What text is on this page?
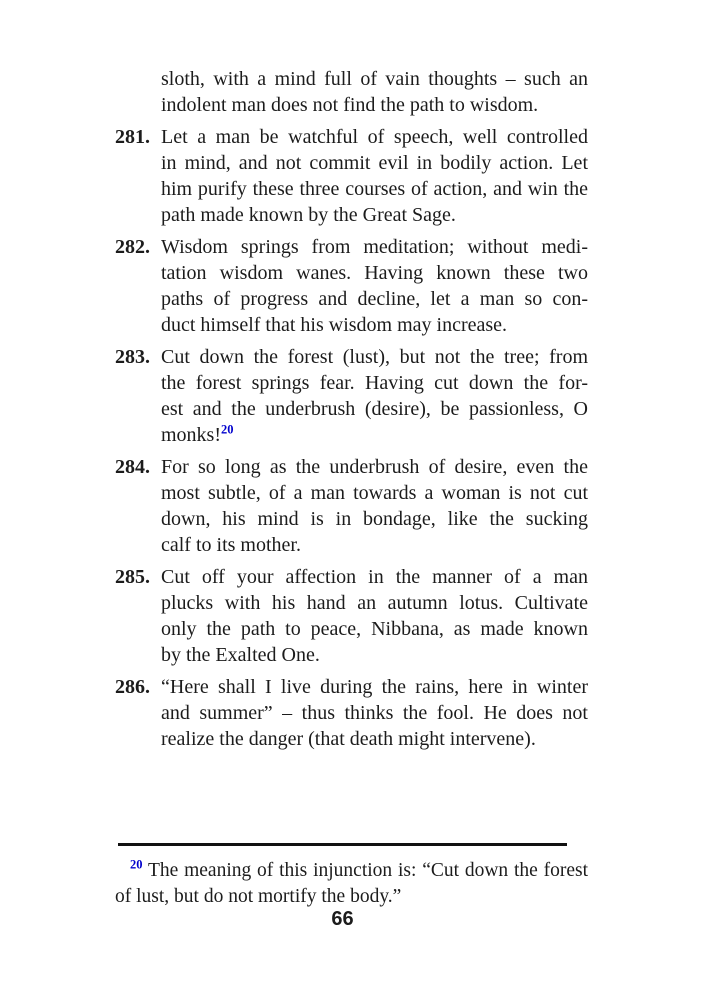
sloth, with a mind full of vain thoughts – such an
indolent man does not find the path to wisdom.
281. Let a man be watchful of speech, well controlled
in mind, and not commit evil in bodily action. Let
him purify these three courses of action, and win the
path made known by the Great Sage.
282. Wisdom springs from meditation; without medi-
tation wisdom wanes. Having known these two
paths of progress and decline, let a man so con-
duct himself that his wisdom may increase.
283. Cut down the forest (lust), but not the tree; from
the forest springs fear. Having cut down the for-
est and the underbrush (desire), be passionless, O
monks!$^{20}$
284. For so long as the underbrush of desire, even the
most subtle, of a man towards a woman is not cut
down, his mind is in bondage, like the sucking
calf to its mother.
285. Cut off your affection in the manner of a man
plucks with his hand an autumn lotus. Cultivate
only the path to peace, Nibbana, as made known
by the Exalted One.
286. “Here shall I live during the rains, here in winter
and summer” – thus thinks the fool. He does not
realize the danger (that death might intervene).
$^{20}$ The meaning of this injunction is: “Cut down the forest
of lust, but do not mortify the body.”
66
